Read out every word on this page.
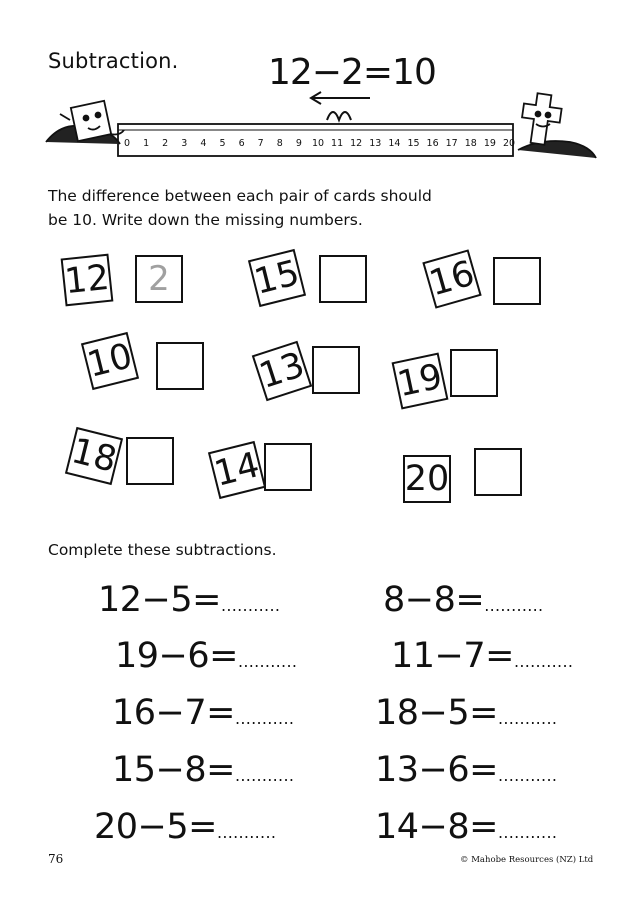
Subtraction. 12−2=10
0 1 2 3 4 5 6 7 8 9 10 11 12 13 14 15 16 17 18 19 20
The difference between each pair of cards should
be 10. Write down the missing numbers.
12	2	15	16
10	13 19
18	14	20
Complete these subtractions.
12−5=...........	8−8=...........
19−6=...........	11−7=...........
16−7=........... 18−5=...........
15−8=........... 13−6=...........
20−5=...........	14−8=...........
76	© Mahobe Resources (NZ) Ltd
